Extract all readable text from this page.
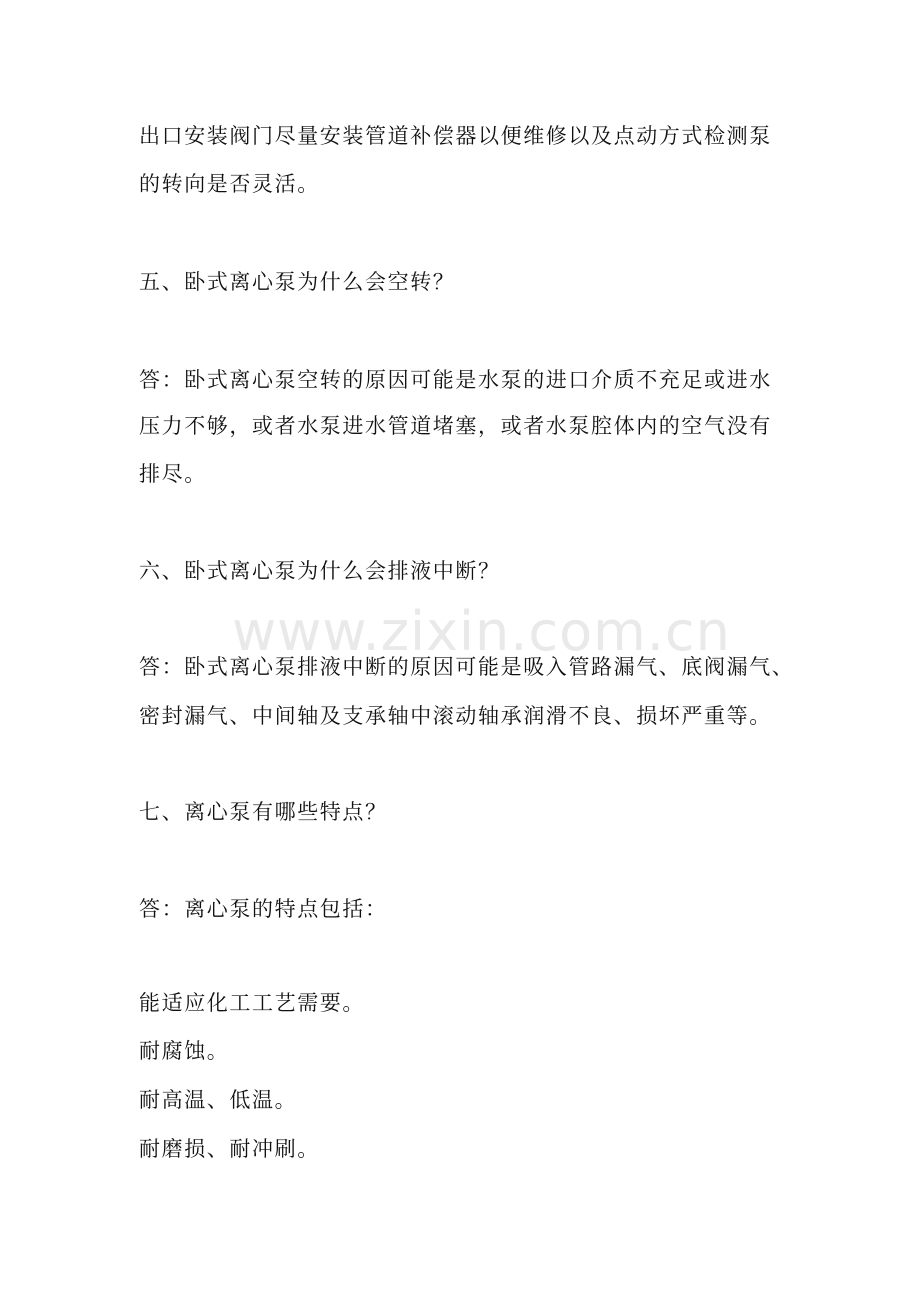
www.zixin.com.cn

出口安装阀门尽量安装管道补偿器以便维修以及点动方式检测泵

的转向是否灵活。

五、卧式离心泵为什么会空转？

答：卧式离心泵空转的原因可能是水泵的进口介质不充足或进水

压力不够，或者水泵进水管道堵塞，或者水泵腔体内的空气没有

排尽。

六、卧式离心泵为什么会排液中断？

答：卧式离心泵排液中断的原因可能是吸入管路漏气、底阀漏气、

密封漏气、中间轴及支承轴中滚动轴承润滑不良、损坏严重等。

七、离心泵有哪些特点？

答：离心泵的特点包括：

能适应化工工艺需要。

耐腐蚀。

耐高温、低温。

耐磨损、耐冲刷。
